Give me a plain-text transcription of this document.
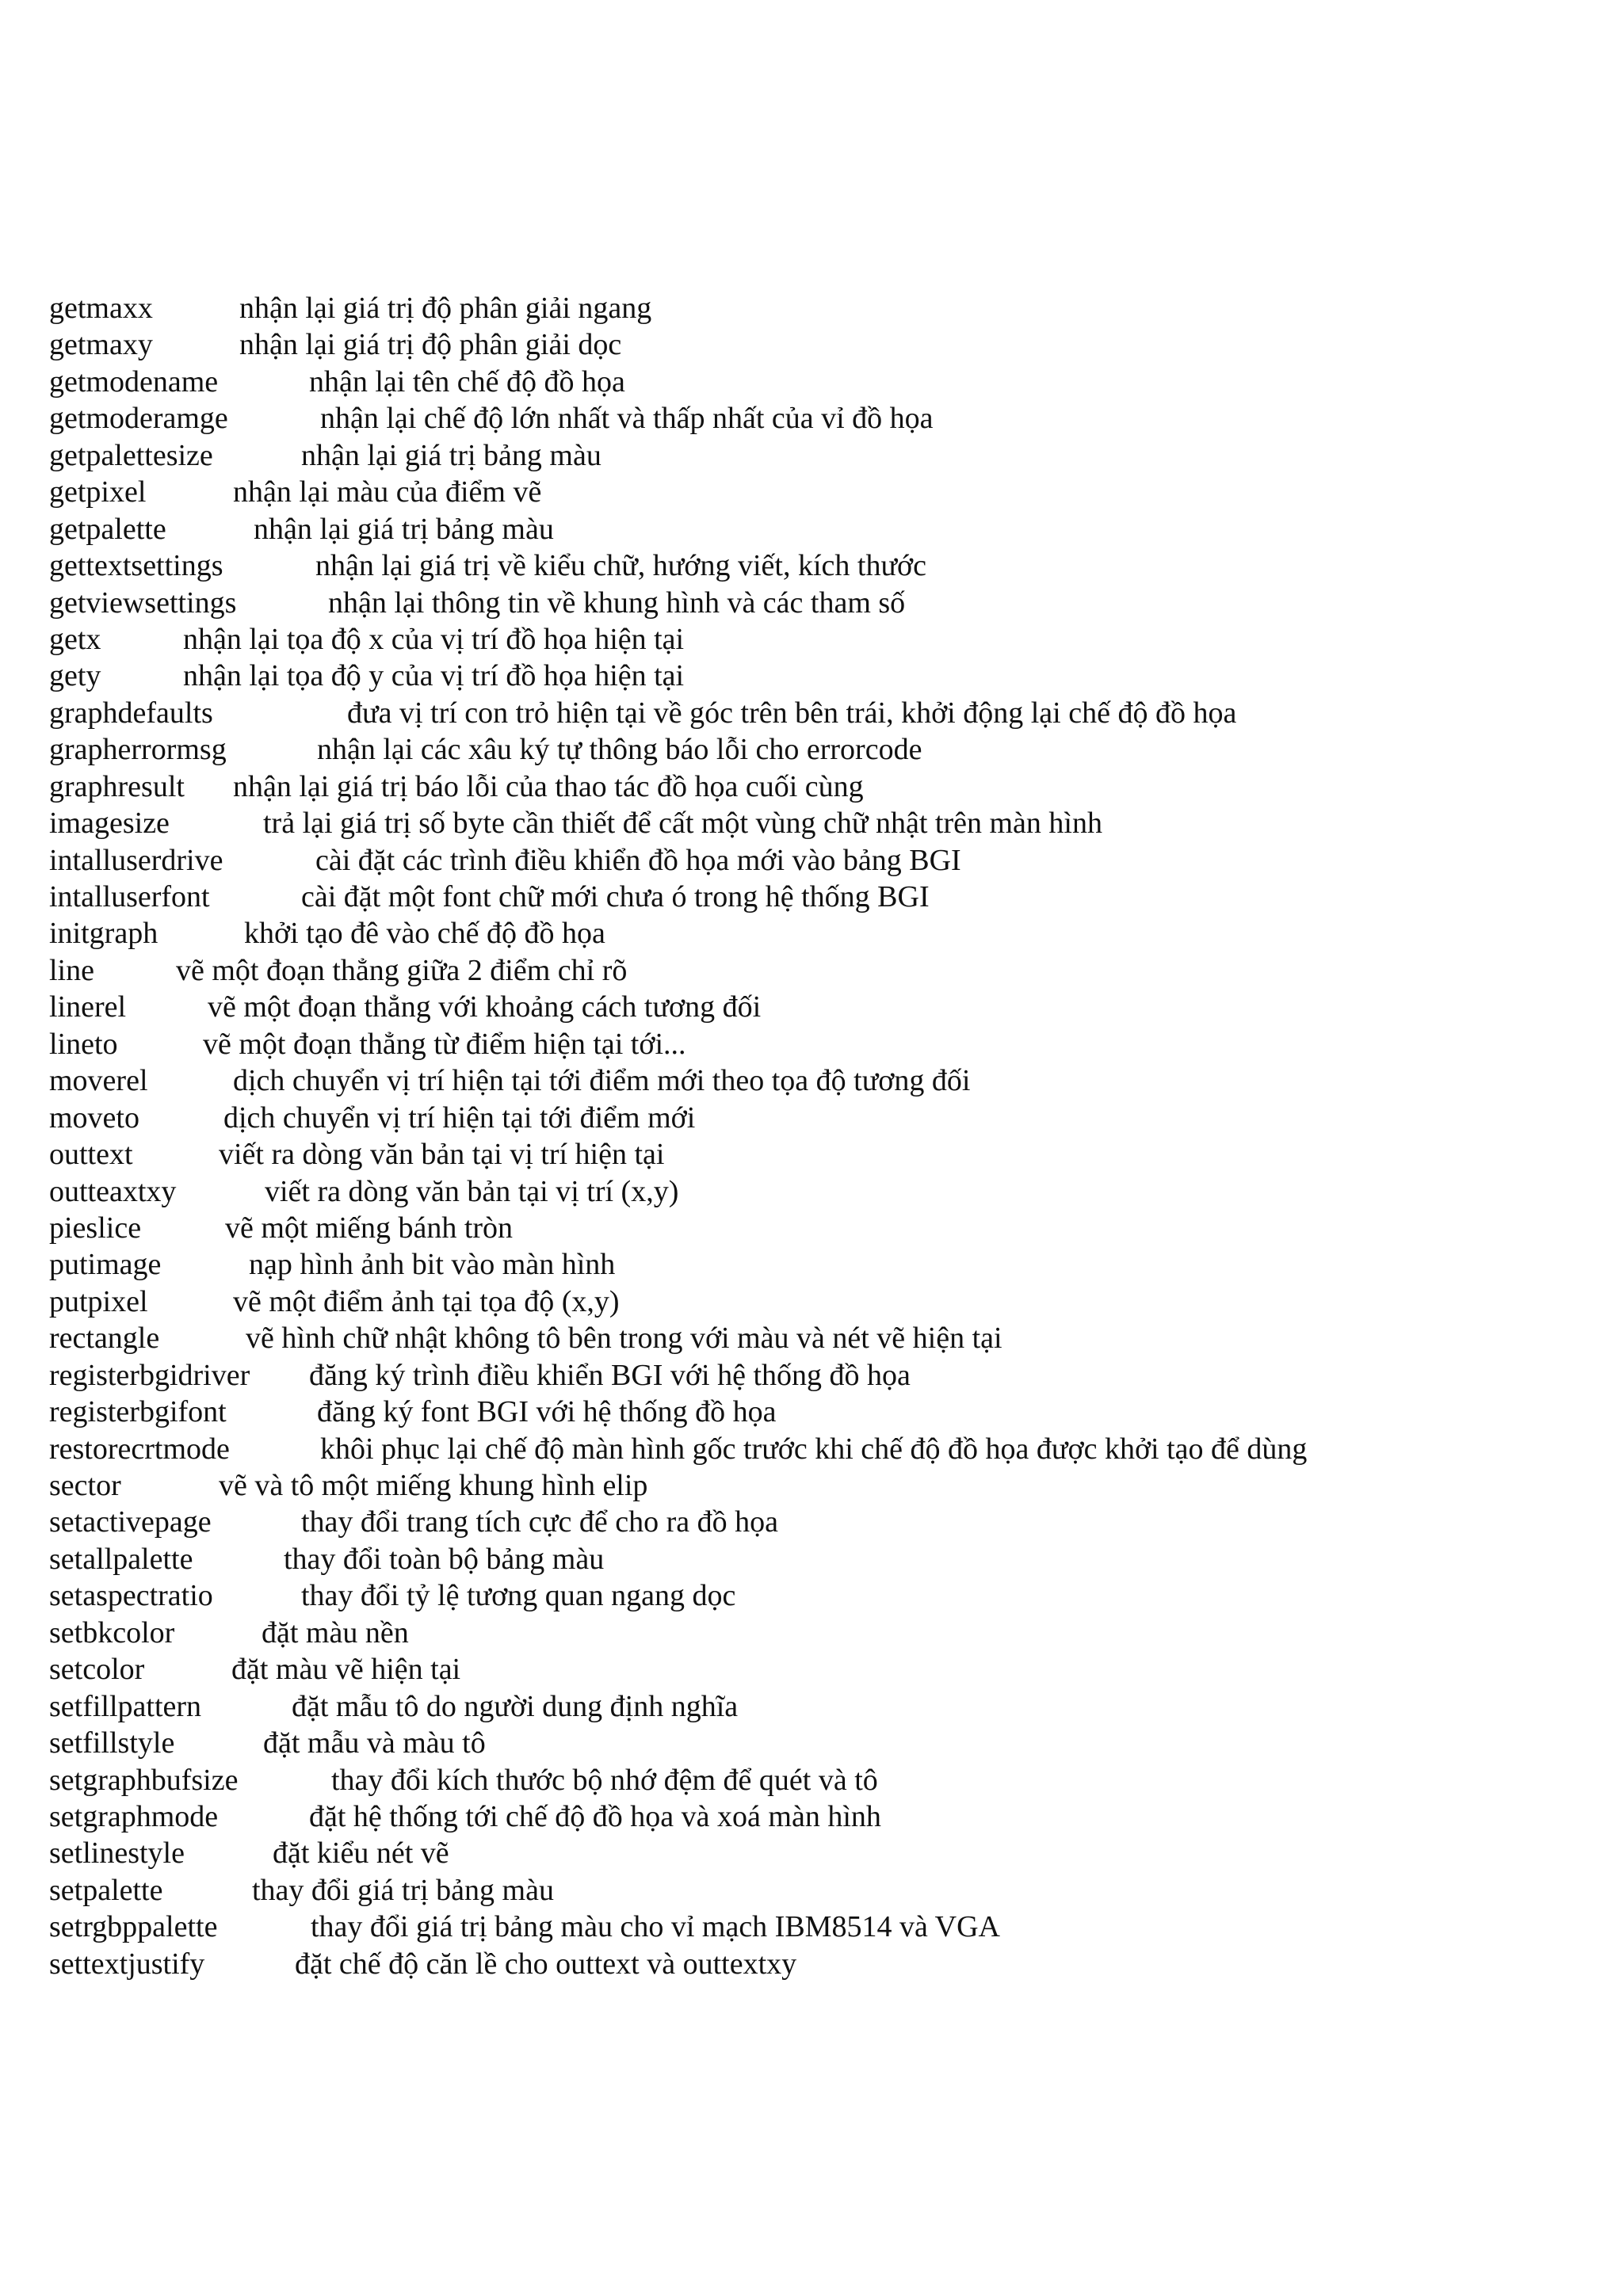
getmaxx	nhận lại giá trị độ phân giải ngang
getmaxy	nhận lại giá trị độ phân giải dọc
getmodename	nhận lại tên chế độ đồ họa
getmoderamge	nhận lại chế độ lớn nhất và thấp nhất của vỉ đồ họa
getpalettesize	nhận lại giá trị bảng màu
getpixel	nhận lại màu của điểm vẽ
getpalette	nhận lại giá trị bảng màu
gettextsettings	nhận lại giá trị về kiểu chữ, hướng viết, kích thước
getviewsettings	nhận lại thông tin về khung hình và các tham số
getx	nhận lại tọa độ x của vị trí đồ họa hiện tại
gety	nhận lại tọa độ y của vị trí đồ họa hiện tại
graphdefaults	đưa vị trí con trỏ hiện tại về góc trên bên trái, khởi động lại chế độ đồ họa
grapherrormsg	nhận lại các xâu ký tự thông báo lỗi cho errorcode
graphresult	nhận lại giá trị báo lỗi của thao tác đồ họa cuối cùng
imagesize	trả lại giá trị số byte cần thiết để cất một vùng chữ nhật trên màn hình
intalluserdrive	cài đặt các trình điều khiển đồ họa mới vào bảng BGI
intalluserfont	cài đặt một font chữ mới chưa ó trong hệ thống BGI
initgraph	khởi tạo đê vào chế độ đồ họa
line	vẽ một đoạn thẳng giữa 2 điểm chỉ rõ
linerel	vẽ một đoạn thẳng với khoảng cách tương đối
lineto	vẽ một đoạn thẳng từ điểm hiện tại tới...
moverel	dịch chuyển vị trí hiện tại tới điểm mới theo tọa độ tương đối
moveto	dịch chuyển vị trí hiện tại tới điểm mới
outtext	viết ra dòng văn bản tại vị trí hiện tại
outteaxtxy	viết ra dòng văn bản tại vị trí (x,y)
pieslice	vẽ một miếng bánh tròn
putimage	nạp hình ảnh bit vào màn hình
putpixel	vẽ một điểm ảnh tại tọa độ (x,y)
rectangle	vẽ hình chữ nhật không tô bên trong với màu và nét vẽ hiện tại
registerbgidriver	đăng ký trình điều khiển BGI với hệ thống đồ họa
registerbgifont	đăng ký font BGI với hệ thống đồ họa
restorecrtmode	khôi phục lại chế độ màn hình gốc trước khi chế độ đồ họa được khởi tạo để dùng
sector	vẽ và tô một miếng khung hình elip
setactivepage	thay đổi trang tích cực để cho ra đồ họa
setallpalette	thay đổi toàn bộ bảng màu
setaspectratio	thay đổi tỷ lệ tương quan ngang dọc
setbkcolor	đặt màu nền
setcolor	đặt màu vẽ hiện tại
setfillpattern	đặt mẫu tô do người dung định nghĩa
setfillstyle	đặt mẫu và màu tô
setgraphbufsize	thay đổi kích thước bộ nhớ đệm để quét và tô
setgraphmode	đặt hệ thống tới chế độ đồ họa và xoá màn hình
setlinestyle	đặt kiểu nét vẽ
setpalette	thay đổi giá trị bảng màu
setrgbppalette	thay đổi giá trị bảng màu cho vỉ mạch IBM8514 và VGA
settextjustify	đặt chế độ căn lề cho outtext và outtextxy
